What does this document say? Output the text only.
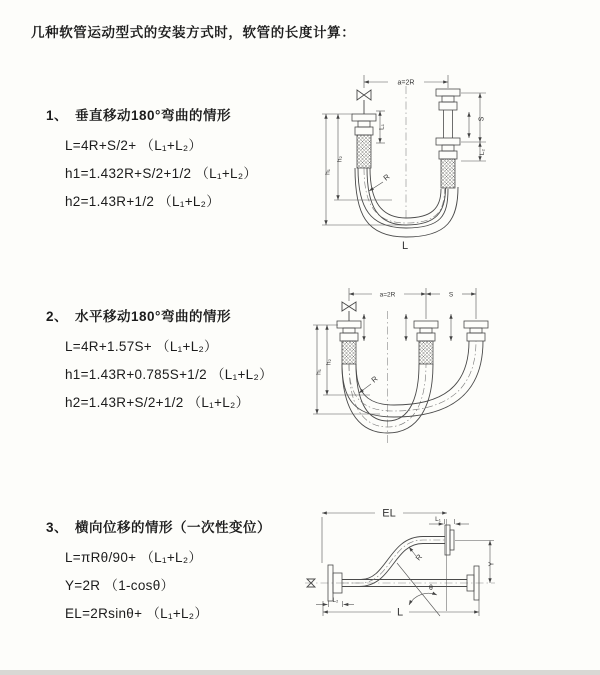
几种软管运动型式的安装方式时，软管的长度计算：
1、 垂直移动180°弯曲的情形
L=4R+S/2+ （L₁+L₂）
h1=1.432R+S/2+1/2 （L₁+L₂）
h2=1.43R+1/2 （L₁+L₂）
2、 水平移动180°弯曲的情形
L=4R+1.57S+ （L₁+L₂）
h1=1.43R+0.785S+1/2 （L₁+L₂）
h2=1.43R+S/2+1/2 （L₁+L₂）
3、 横向位移的情形（一次性变位）
L=πRθ/90+ （L₁+L₂）
Y=2R （1-cosθ）
EL=2Rsinθ+ （L₁+L₂）
a=2R
R
L
h₂
h₁
L₁
S
L₂
a=2R	S
R
h₂
h₁
EL	L₁
Y
L
L₂
R
θ
